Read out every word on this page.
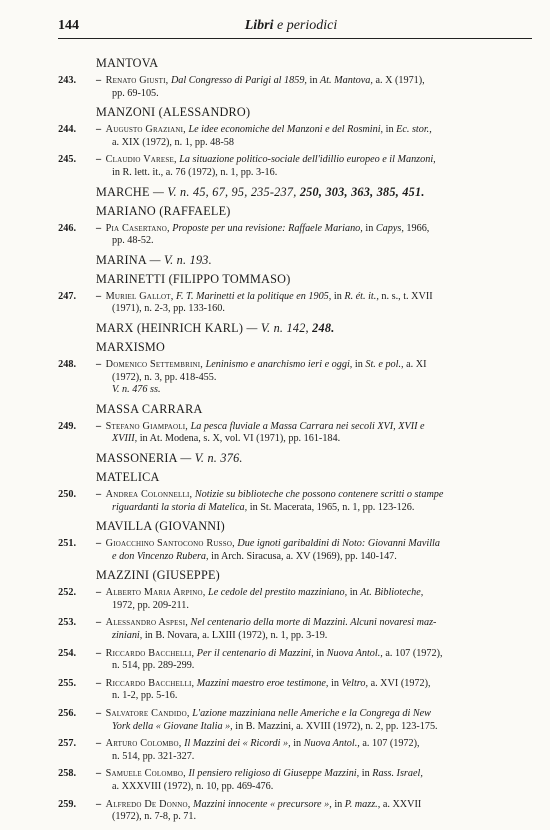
144	Libri e periodici
MANTOVA
243. – Renato Giusti, Dal Congresso di Parigi al 1859, in At. Mantova, a. X (1971),
pp. 69-105.
MANZONI (ALESSANDRO)
244. – Augusto Graziani, Le idee economiche del Manzoni e del Rosmini, in Ec. stor.,
a. XIX (1972), n. 1, pp. 48-58
245. – Claudio Varese, La situazione politico-sociale dell'idillio europeo e il Manzoni,
in R. lett. it., a. 76 (1972), n. 1, pp. 3-16.
MARCHE — V. n. 45, 67, 95, 235-237, 250, 303, 363, 385, 451.
MARIANO (RAFFAELE)
246. – Pia Casertano, Proposte per una revisione: Raffaele Mariano, in Capys, 1966,
pp. 48-52.
MARINA — V. n. 193.
MARINETTI (FILIPPO TOMMASO)
247. – Muriel Gallot, F. T. Marinetti et la politique en 1905, in R. ét. it., n. s., t. XVII
(1971), n. 2-3, pp. 133-160.
MARX (HEINRICH KARL) — V. n. 142, 248.
MARXISMO
248. – Domenico Settembrini, Leninismo e anarchismo ieri e oggi, in St. e pol., a. XI
(1972), n. 3, pp. 418-455.
V. n. 476 ss.
MASSA CARRARA
249. – Stefano Giampaoli, La pesca fluviale a Massa Carrara nei secoli XVI, XVII e
XVIII, in At. Modena, s. X, vol. VI (1971), pp. 161-184.
MASSONERIA — V. n. 376.
MATELICA
250. – Andrea Colonnelli, Notizie su biblioteche che possono contenere scritti o stampe
riguardanti la storia di Matelica, in St. Macerata, 1965, n. 1, pp. 123-126.
MAVILLA (GIOVANNI)
251. – Gioacchino Santocono Russo, Due ignoti garibaldini di Noto: Giovanni Mavilla
e don Vincenzo Rubera, in Arch. Siracusa, a. XV (1969), pp. 140-147.
MAZZINI (GIUSEPPE)
252. – Alberto Maria Arpino, Le cedole del prestito mazziniano, in At. Biblioteche,
1972, pp. 209-211.
253. – Alessandro Aspesi, Nel centenario della morte di Mazzini. Alcuni novaresi maz-
ziniani, in B. Novara, a. LXIII (1972), n. 1, pp. 3-19.
254. – Riccardo Bacchelli, Per il centenario di Mazzini, in Nuova Antol., a. 107 (1972),
n. 514, pp. 289-299.
255. – Riccardo Bacchelli, Mazzini maestro eroe testimone, in Veltro, a. XVI (1972),
n. 1-2, pp. 5-16.
256. – Salvatore Candido, L'azione mazziniana nelle Americhe e la Congrega di New
York della « Giovane Italia », in B. Mazzini, a. XVIII (1972), n. 2, pp. 123-175.
257. – Arturo Colombo, Il Mazzini dei « Ricordi », in Nuova Antol., a. 107 (1972),
n. 514, pp. 321-327.
258. – Samuele Colombo, Il pensiero religioso di Giuseppe Mazzini, in Rass. Israel,
a. XXXVIII (1972), n. 10, pp. 469-476.
259. – Alfredo De Donno, Mazzini innocente « precursore », in P. mazz., a. XXVII
(1972), n. 7-8, p. 71.
